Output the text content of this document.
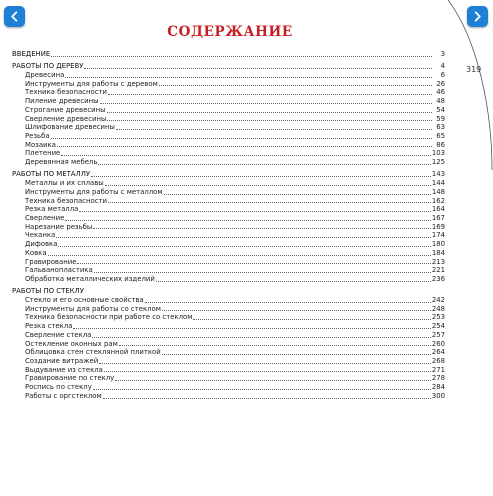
319
СОДЕРЖАНИЕ
ВВЕДЕНИЕ	3
РАБОТЫ ПО ДЕРЕВУ	4
Древесина	6
Инструменты для работы с деревом	26
Техника безопасности	46
Пиление древесины	48
Строгание древесины	54
Сверление древесины	59
Шлифование древесины	63
Резьба	65
Мозаика	86
Плетение	103
Деревянная мебель	125
РАБОТЫ ПО МЕТАЛЛУ	143
Металлы и их сплавы	144
Инструменты для работы с металлом	148
Техника безопасности	162
Резка металла	164
Сверление	167
Нарезание резьбы	169
Чеканка	174
Дифовка	180
Ковка	184
Гравирование	213
Гальванопластика	221
Обработка металлических изделий	236
РАБОТЫ ПО СТЕКЛУ
Стекло и его основные свойства	242
Инструменты для работы со стеклом	248
Техника безопасности при работе со стеклом	253
Резка стекла	254
Сверление стекла	257
Остекление оконных рам	260
Облицовка стен стеклянной плиткой	264
Создание витражей	268
Выдувание из стекла	271
Гравирование по стеклу	278
Роспись по стеклу	284
Работы с оргстеклом	300
